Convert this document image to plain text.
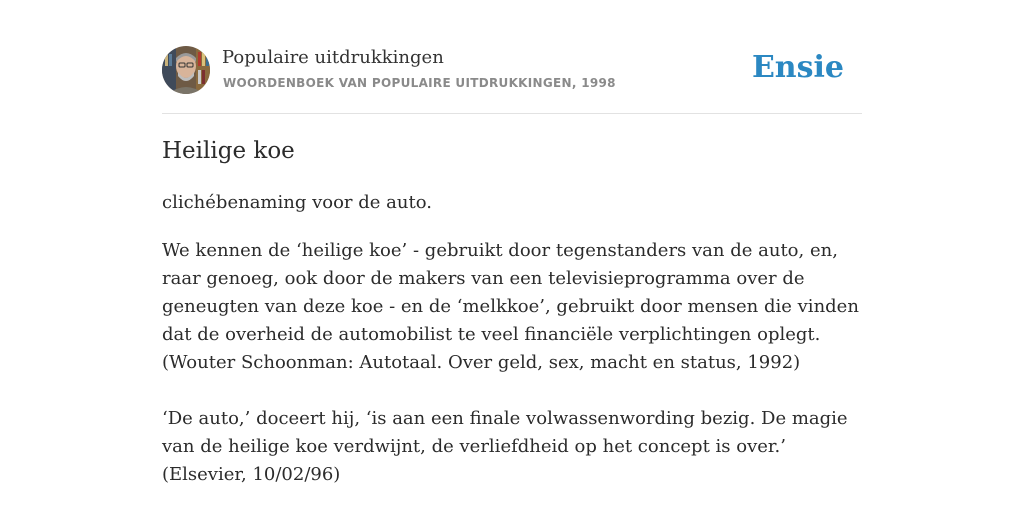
Populaire uitdrukkingen
WOORDENBOEK VAN POPULAIRE UITDRUKKINGEN, 1998	Ensie
Heilige koe
clichébenaming voor de auto.
We kennen de ‘heilige koe’ - gebruikt door tegenstanders van de auto, en, raar genoeg, ook door de makers van een televisieprogramma over de geneugten van deze koe - en de ‘melkkoe’, gebruikt door mensen die vinden dat de overheid de automobilist te veel financiële verplichtingen oplegt. (Wouter Schoonman: Autotaal. Over geld, sex, macht en status, 1992)
‘De auto,’ doceert hij, ‘is aan een finale volwassenwording bezig. De magie van de heilige koe verdwijnt, de verliefdheid op het concept is over.’ (Elsevier, 10/02/96)
